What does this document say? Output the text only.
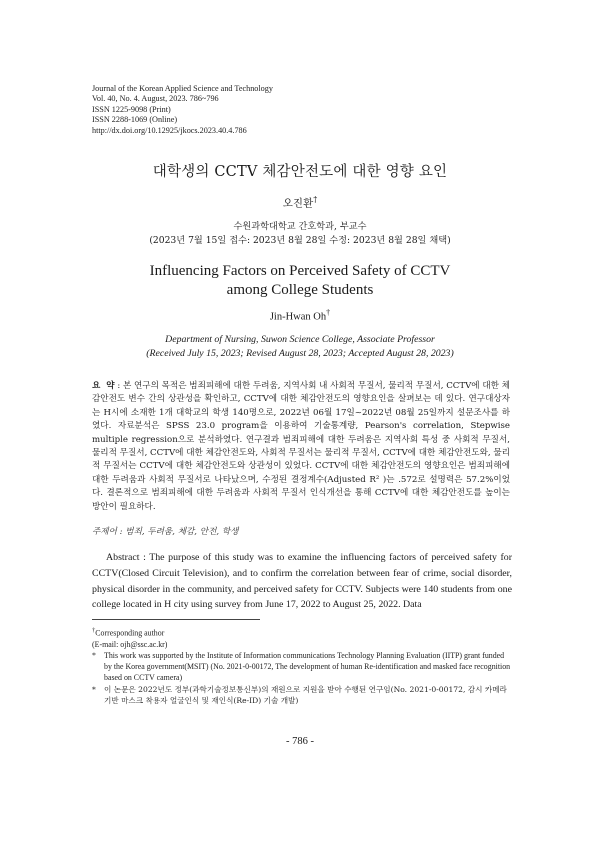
Journal of the Korean Applied Science and Technology
Vol. 40, No. 4. August, 2023. 786~796
ISSN 1225-9098 (Print)
ISSN 2288-1069 (Online)
http://dx.doi.org/10.12925/jkocs.2023.40.4.786
대학생의 CCTV 체감안전도에 대한 영향 요인
오진환†
수원과학대학교 간호학과, 부교수
(2023년 7월 15일 접수: 2023년 8월 28일 수정: 2023년 8월 28일 채택)
Influencing Factors on Perceived Safety of CCTV
among College Students
Jin-Hwan Oh†
Department of Nursing, Suwon Science College, Associate Professor
(Received July 15, 2023; Revised August 28, 2023; Accepted August 28, 2023)
요  약 : 본 연구의 목적은 범죄피해에 대한 두려움, 지역사회 내 사회적 무질서, 물리적 무질서, CCTV에 대한 체감안전도 변수 간의 상관성을 확인하고, CCTV에 대한 체감안전도의 영향요인을 살펴보는 데 있다. 연구대상자는 H시에 소재한 1개 대학교의 학생 140명으로, 2022년 06월 17일~2022년 08월 25일까지 설문조사를 하였다. 자료분석은 SPSS 23.0 program을 이용하여 기술통계량, Pearson's correlation, Stepwise multiple regression으로 분석하였다. 연구결과 범죄피해에 대한 두려움은 지역사회 특성 중 사회적 무질서, 물리적 무질서, CCTV에 대한 체감안전도와, 사회적 무질서는 물리적 무질서, CCTV에 대한 체감안전도와, 물리적 무질서는 CCTV에 대한 체감안전도와 상관성이 있었다. CCTV에 대한 체감안전도의 영향요인은 범죄피해에 대한 두려움과 사회적 무질서로 나타났으며, 수정된 결정계수(Adjusted R² )는 .572로 설명력은 57.2%이었다. 결론적으로 범죄피해에 대한 두려움과 사회적 무질서 인식개선을 통해 CCTV에 대한 체감안전도를 높이는 방안이 필요하다.
주제어 : 범죄, 두려움, 체감, 안전, 학생
Abstract : The purpose of this study was to examine the influencing factors of perceived safety for CCTV(Closed Circuit Television), and to confirm the correlation between fear of crime, social disorder, physical disorder in the community, and perceived safety for CCTV. Subjects were 140 students from one college located in H city using survey from June 17, 2022 to August 25, 2022. Data
†Corresponding author
(E-mail: ojh@ssc.ac.kr)
* This work was supported by the Institute of Information communications Technology Planning Evaluation (IITP) grant funded by the Korea government(MSIT) (No. 2021-0-00172, The development of human Re-identification and masked face recognition based on CCTV camera)
* 이 논문은 2022년도 정부(과학기술정보통신부)의 재원으로 지원을 받아 수행된 연구임(No. 2021-0-00172, 감시 카메라 기반 마스크 착용자 얼굴인식 및 재인식(Re-ID) 기술 개발)
- 786 -
